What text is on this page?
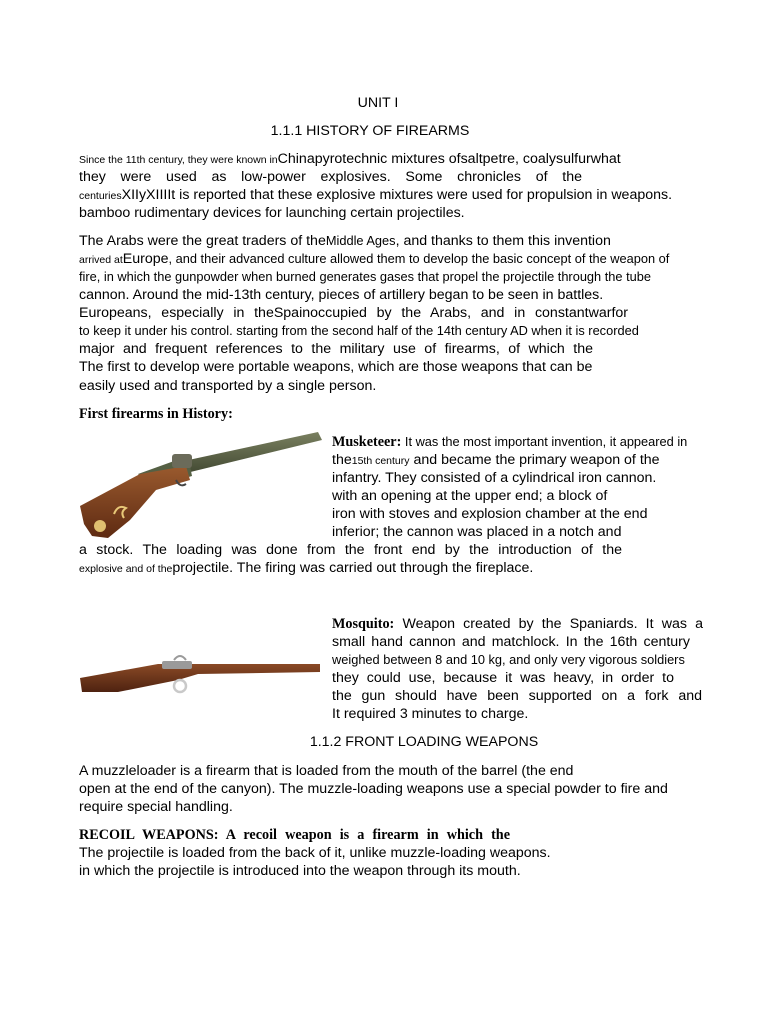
UNIT I
1.1.1 HISTORY OF FIREARMS
Since the 11th century, they were known inChinapyrotechnic mixtures ofsaltpetre, coalysulfurwhat
they were used as low-power explosives. Some chronicles of the
centuriesXIIyXIIIIt is reported that these explosive mixtures were used for propulsion in weapons.
bamboo rudimentary devices for launching certain projectiles.
The Arabs were the great traders of theMiddle Ages, and thanks to them this invention
arrived atEurope, and their advanced culture allowed them to develop the basic concept of the weapon of
fire, in which the gunpowder when burned generates gases that propel the projectile through the tube
cannon. Around the mid-13th century, pieces of artillery began to be seen in battles.
Europeans, especially in theSpainoccupied by the Arabs, and in constantwarfor
to keep it under his control. starting from the second half of the 14th century AD when it is recorded
major and frequent references to the military use of firearms, of which the
The first to develop were portable weapons, which are those weapons that can be
easily used and transported by a single person.
First firearms in History:
Musketeer: It was the most important invention, it appeared in
the15th century and became the primary weapon of the
infantry. They consisted of a cylindrical iron cannon.
with an opening at the upper end; a block of
iron with stoves and explosion chamber at the end
inferior; the cannon was placed in a notch and
a stock. The loading was done from the front end by the introduction of the
explosive and of theprojectile. The firing was carried out through the fireplace.
Mosquito: Weapon created by the Spaniards. It was a
small hand cannon and matchlock. In the 16th century
weighed between 8 and 10 kg, and only very vigorous soldiers
they could use, because it was heavy, in order to
the gun should have been supported on a fork and
It required 3 minutes to charge.
1.1.2 FRONT LOADING WEAPONS
A muzzleloader is a firearm that is loaded from the mouth of the barrel (the end
open at the end of the canyon). The muzzle-loading weapons use a special powder to fire and
require special handling.
RECOIL WEAPONS: A recoil weapon is a firearm in which the
The projectile is loaded from the back of it, unlike muzzle-loading weapons.
in which the projectile is introduced into the weapon through its mouth.
